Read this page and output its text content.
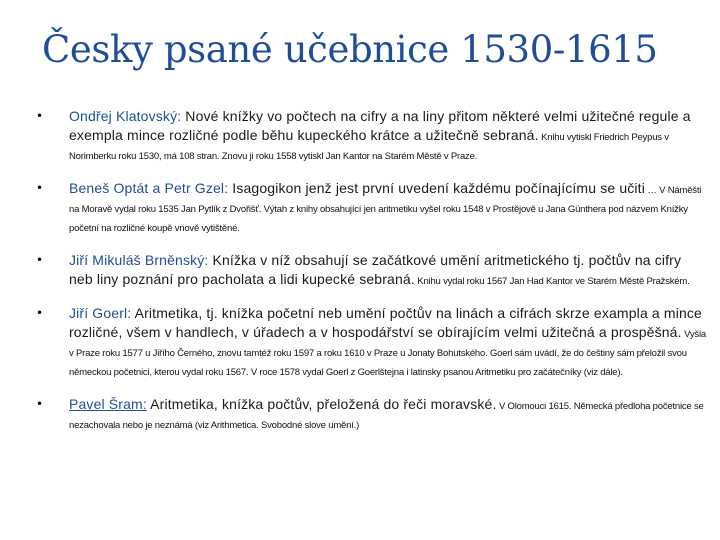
Česky psané učebnice 1530-1615
• Ondřej Klatovský: Nové knížky vo počtech na cifry a na liny přitom některé velmi užitečné regule a exempla mince rozličné podle běhu kupeckého krátce a užitečně sebraná. Knihu vytiskl Friedrich Peypus v Norimberku roku 1530, má 108 stran. Znovu ji roku 1558 vytiskl Jan Kantor na Starém Městě v Praze.
• Beneš Optát a Petr Gzel: Isagogikon jenž jest první uvedení každému počínajícímu se učiti … V Náměšti na Moravě vydal roku 1535 Jan Pytlík z Dvořišť. Výtah z knihy obsahující jen aritmetiku vyšel roku 1548 v Prostějově u Jana Günthera pod názvem Knížky početní na rozličné koupě vnově vytištěné.
• Jiří Mikuláš Brněnský: Knížka v níž obsahují se začátkové umění aritmetického tj. počtův na cifry neb liny poznání pro pacholata a lidi kupecké sebraná. Knihu vydal roku 1567 Jan Had Kantor ve Starém Městě Pražském.
• Jiří Goerl: Aritmetika, tj. knížka početní neb umění počtův na linách a cifrách skrze exampla a mince rozličné, všem v handlech, v úřadech a v hospodářství se obírajícím velmi užitečná a prospěšná. Vyšla v Praze roku 1577 u Jiřího Černého, znovu tamtéž roku 1597 a roku 1610 v Praze u Jonaty Bohutského. Goerl sám uvádí, že do češtiny sám přeložil svou německou početnici, kterou vydal roku 1567. V roce 1578 vydal Goerl z Goerlštejna i latinsky psanou Aritmetiku pro začátečníky (viz dále).
• Pavel Šram: Aritmetika, knížka počtův, přeložená do řeči moravské. V Olomouci 1615. Německá předloha početnice se nezachovala nebo je neznámá (viz Arithmetica. Svobodné slove umění.)
